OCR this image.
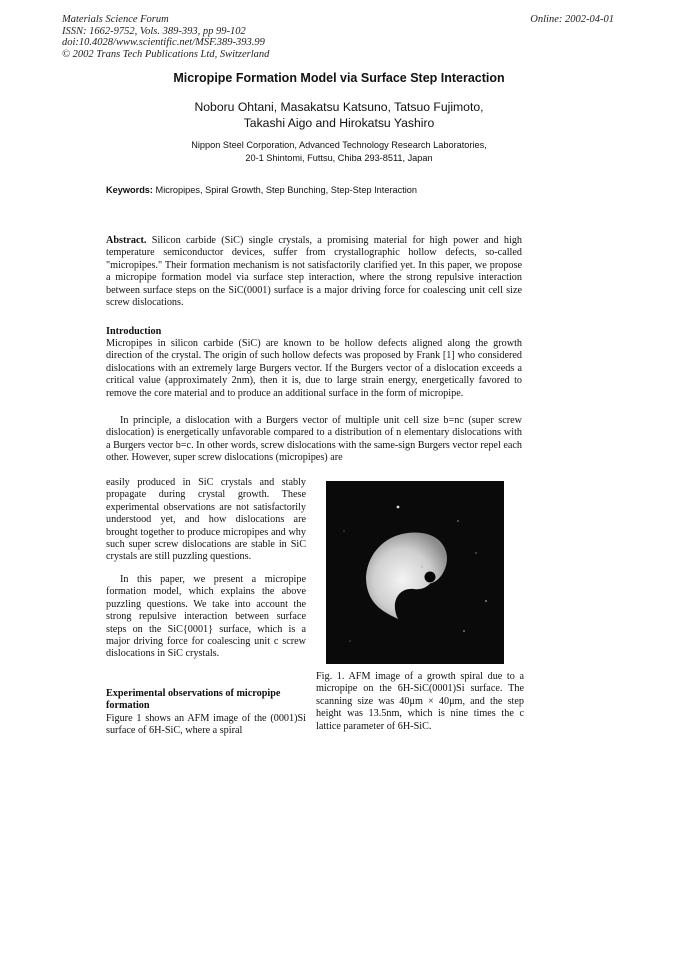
Materials Science Forum
ISSN: 1662-9752, Vols. 389-393, pp 99-102
doi:10.4028/www.scientific.net/MSF.389-393.99
© 2002 Trans Tech Publications Ltd, Switzerland
Online: 2002-04-01
Micropipe Formation Model via Surface Step Interaction
Noboru Ohtani, Masakatsu Katsuno, Tatsuo Fujimoto,
Takashi Aigo and Hirokatsu Yashiro
Nippon Steel Corporation, Advanced Technology Research Laboratories,
20-1 Shintomi, Futtsu, Chiba 293-8511, Japan
Keywords: Micropipes, Spiral Growth, Step Bunching, Step-Step Interaction
Abstract. Silicon carbide (SiC) single crystals, a promising material for high power and high temperature semiconductor devices, suffer from crystallographic hollow defects, so-called "micropipes." Their formation mechanism is not satisfactorily clarified yet. In this paper, we propose a micropipe formation model via surface step interaction, where the strong repulsive interaction between surface steps on the SiC(0001) surface is a major driving force for coalescing unit cell size screw dislocations.
Introduction
Micropipes in silicon carbide (SiC) are known to be hollow defects aligned along the growth direction of the crystal. The origin of such hollow defects was proposed by Frank [1] who considered dislocations with an extremely large Burgers vector. If the Burgers vector of a dislocation exceeds a critical value (approximately 2nm), then it is, due to large strain energy, energetically favored to remove the core material and to produce an additional surface in the form of micropipe.
In principle, a dislocation with a Burgers vector of multiple unit cell size b=nc (super screw dislocation) is energetically unfavorable compared to a distribution of n elementary dislocations with a Burgers vector b=c. In other words, screw dislocations with the same-sign Burgers vector repel each other. However, super screw dislocations (micropipes) are
easily produced in SiC crystals and stably propagate during crystal growth. These experimental observations are not satisfactorily understood yet, and how dislocations are brought together to produce micropipes and why such super screw dislocations are stable in SiC crystals are still puzzling questions.
In this paper, we present a micropipe formation model, which explains the above puzzling questions. We take into account the strong repulsive interaction between surface steps on the SiC{0001} surface, which is a major driving force for coalescing unit c screw dislocations in SiC crystals.
Experimental observations of micropipe formation
Figure 1 shows an AFM image of the (0001)Si surface of 6H-SiC, where a spiral
Fig. 1. AFM image of a growth spiral due to a micropipe on the 6H-SiC(0001)Si surface. The scanning size was 40μm × 40μm, and the step height was 13.5nm, which is nine times the c lattice parameter of 6H-SiC.
